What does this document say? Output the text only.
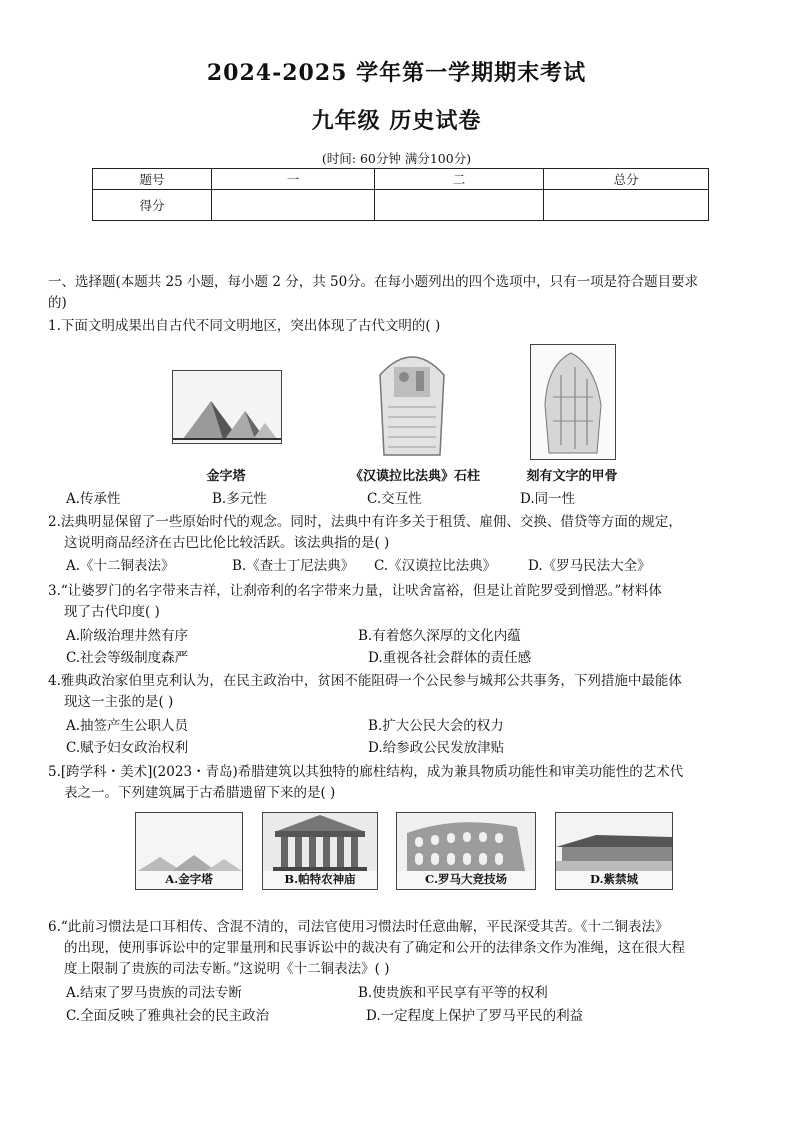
2024-2025 学年第一学期期末考试
九年级 历史试卷
(时间: 60分钟 满分100分)
题号	一	二	总分
得分			
一、选择题(本题共 25 小题，每小题 2 分，共 50分。在每小题列出的四个选项中，只有一项是符合题目要求
的)
1.下面文明成果出自古代不同文明地区，突出体现了古代文明的( )
金字塔	《汉谟拉比法典》石柱	刻有文字的甲骨
A.传承性	B.多元性	C.交互性	D.同一性
2.法典明显保留了一些原始时代的观念。同时，法典中有许多关于租赁、雇佣、交换、借贷等方面的规定，
这说明商品经济在古巴比伦比较活跃。该法典指的是( )
A.《十二铜表法》	B.《查士丁尼法典》 C.《汉谟拉比法典》 D.《罗马民法大全》
3.“让婆罗门的名字带来吉祥，让刹帝利的名字带来力量，让吠舍富裕，但是让首陀罗受到憎恶。”材料体
现了古代印度( )
A.阶级治理井然有序	B.有着悠久深厚的文化内蕴
C.社会等级制度森严	D.重视各社会群体的责任感
4.雅典政治家伯里克利认为，在民主政治中，贫困不能阻碍一个公民参与城邦公共事务，下列措施中最能体
现这一主张的是( )
A.抽签产生公职人员	B.扩大公民大会的权力
C.赋予妇女政治权利	D.给参政公民发放津贴
5.[跨学科・美术](2023・青岛)希腊建筑以其独特的廊柱结构，成为兼具物质功能性和审美功能性的艺术代
表之一。下列建筑属于古希腊遗留下来的是( )
A.金字塔	B.帕特农神庙	C.罗马大竞技场	D.紫禁城
6.“此前习惯法是口耳相传、含混不清的，司法官使用习惯法时任意曲解，平民深受其苦。《十二铜表法》
的出现，使刑事诉讼中的定罪量刑和民事诉讼中的裁决有了确定和公开的法律条文作为准绳，这在很大程
度上限制了贵族的司法专断。”这说明《十二铜表法》( )
A.结束了罗马贵族的司法专断	B.使贵族和平民享有平等的权利
C.全面反映了雅典社会的民主政治	D.一定程度上保护了罗马平民的利益
